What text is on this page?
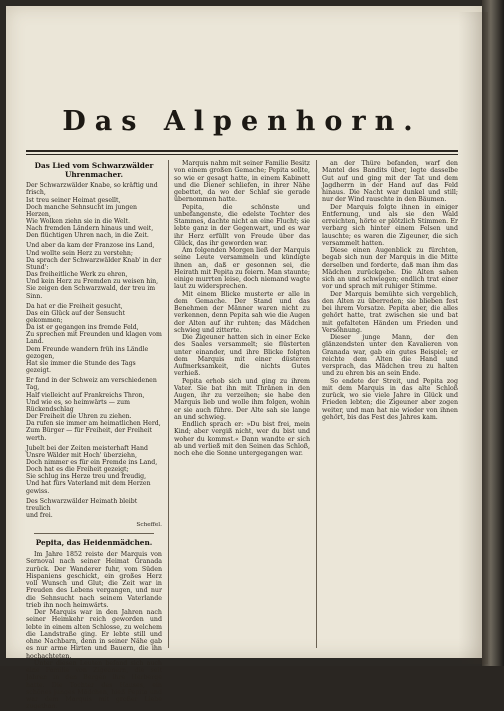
Das Alpenhorn.
Das Lied vom Schwarzwälder Uhrenmacher.
Der Schwarzwälder Knabe, so kräftig und frisch,
Ist treu seiner Heimat gesellt,
Doch manche Sehnsucht im jungen Herzen,
Wie Wolken ziehn sie in die Welt.
Nach fremden Ländern hinaus und weit,
Den flüchtigen Uhren nach, in die Zeit.
Und aber da kam der Franzose ins Land,
Und wollte sein Herz zu verstehn;
Da sprach der Schwarzwälder Knab' in der
Stund':
Das freiheitliche Werk zu ehren,
Und kein Herz zu Fremden zu weisen hin,
Sie zeigen den Schwarzwald, der treu im Sinn.
Da hat er die Freiheit gesucht,
Das ein Glück auf der Sensucht gekommen;
Da ist er gegangen ins fremde Feld,
Zu sprechen mit Freunden und klagen vom Land.
Dem Freunde wandern früh ins Ländle gezogen,
Hat sie immer die Stunde des Tags gezeigt.
Er fand in der Schweiz am verschiedenen Tag,
Half vielleicht auf Frankreichs Thron,
Und wie es, so heimwärts — zum Rückendschlag
Der Freiheit die Uhren zu ziehen.
Da rufen sie immer am heimatlichen Herd,
Zum Bürger — für Freiheit, der Freiheit werth.
Jubelt bei der Zeiten meisterhaft Hand
Unsre Wälder mit Hoch' überziehn,
Doch nimmer es für ein Fremde ins Land,
Doch hat es die Freiheit gezeigt;
Sie schlug ins Herze treu und freudig,
Und hat fürs Vaterland mit dem Herzen gewiss.
Des Schwarzwälder Heimath bleibt treulich
und frei.
Scheffel.
Pepita, das Heidenmädchen.

Im Jahre 1852 reiste der Marquis von Sernoval nach seiner Heimat Granada zurück. Der Wanderer fuhr, vom Süden Hispaniens geschickt, ein großes Herz voll Wunsch und Glut; die Zeit war in Freuden des Lebens vergangen, und nur die Sehnsucht nach seinem Vaterlande trieb ihn noch heimwärts.

Der Marquis war in den Jahren nach seiner Heimkehr reich geworden und lebte in einem alten Schlosse, zu welchem die Landstraße ging. Er lebte still und ohne Nachbarn, denn in seiner Nähe gab es nur arme Hirten und Bauern, die ihn hochachteten.

Unter diesen Leuten befand sich auch eine Familie von Zigeunern, die seit Jahren in den Bergen ihre Herberge hatte. Die Tochter des Hauses, ein schönes junges Mädchen, hieß Pepita und war dem Marquis mit großer Liebe zugethan.

Marquis nahm mit seiner Familie Besitz von einem großen Gemache; Pepita sollte, so wie er gesagt hatte, in einem Kabinett und die Diener schliefen, in ihrer Nähe gebettet, da wo der Schlaf sie gerade übernommen hatte.

Pepita, die schönste und unbefangenste, die edelste Tochter des Stammes, dachte nicht an eine Flucht; sie lebte ganz in der Gegenwart, und es war ihr Herz erfüllt von Freude über das Glück, das ihr geworden war.

Am folgenden Morgen ließ der Marquis seine Leute versammeln und kündigte ihnen an, daß er gesonnen sei, die Heirath mit Pepita zu feiern. Man staunte; einige murrten leise, doch niemand wagte laut zu widersprechen.

Mit einem Blicke musterte er alle in dem Gemache. Der Stand und das Benehmen der Männer waren nicht zu verkennen, denn Pepita sah wie die Augen der Alten auf ihr ruhten; das Mädchen schwieg und zitterte.

Die Zigeuner hatten sich in einer Ecke des Saales versammelt; sie flüsterten unter einander, und ihre Blicke folgten dem Marquis mit einer düsteren Aufmerksamkeit, die nichts Gutes verhieß.

Pepita erhob sich und ging zu ihrem Vater. Sie bat ihn mit Thränen in den Augen, ihr zu verzeihen; sie habe den Marquis lieb und wolle ihm folgen, wohin er sie auch führe. Der Alte sah sie lange an und schwieg.

Endlich sprach er: »Du bist frei, mein Kind; aber vergiß nicht, wer du bist und woher du kommst.« Dann wandte er sich ab und verließ mit den Seinen das Schloß, noch ehe die Sonne untergegangen war.

an der Thüre befanden, warf den Mantel des Bandits über, legte dasselbe Gut auf und ging mit der Tat und dem Jagdherrn in der Hand auf das Feld hinaus. Die Nacht war dunkel und still; nur der Wind rauschte in den Bäumen.

Der Marquis folgte ihnen in einiger Entfernung, und als sie den Wald erreichten, hörte er plötzlich Stimmen. Er verbarg sich hinter einem Felsen und lauschte; es waren die Zigeuner, die sich versammelt hatten.

Diese einen Augenblick zu fürchten, begab sich nun der Marquis in die Mitte derselben und forderte, daß man ihm das Mädchen zurückgebe. Die Alten sahen sich an und schwiegen; endlich trat einer vor und sprach mit ruhiger Stimme.

Der Marquis bemühte sich vergeblich, den Alten zu überreden; sie blieben fest bei ihrem Vorsatze. Pepita aber, die alles gehört hatte, trat zwischen sie und bat mit gefalteten Händen um Frieden und Versöhnung.

Dieser junge Mann, der den glänzendsten unter den Kavalieren von Granada war, gab ein gutes Beispiel; er reichte dem Alten die Hand und versprach, das Mädchen treu zu halten und zu ehren bis an sein Ende.

So endete der Streit, und Pepita zog mit dem Marquis in das alte Schloß zurück, wo sie viele Jahre in Glück und Frieden lebten; die Zigeuner aber zogen weiter, und man hat nie wieder von ihnen gehört, bis das Fest des Jahres kam.
